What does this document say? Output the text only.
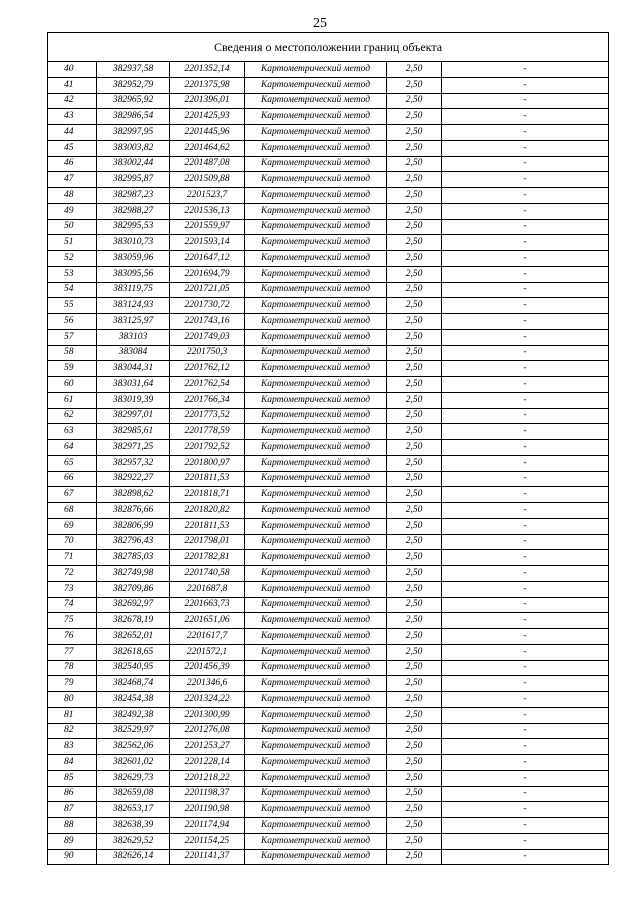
25
Сведения о местоположении границ объекта					
40	382937,58	2201352,14	Картометрический метод	2,50	-
41	382952,79	2201375,98	Картометрический метод	2,50	-
42	382965,92	2201396,01	Картометрический метод	2,50	-
43	382986,54	2201425,93	Картометрический метод	2,50	-
44	382997,95	2201445,96	Картометрический метод	2,50	-
45	383003,82	2201464,62	Картометрический метод	2,50	-
46	383002,44	2201487,08	Картометрический метод	2,50	-
47	382995,87	2201509,88	Картометрический метод	2,50	-
48	382987,23	2201523,7	Картометрический метод	2,50	-
49	382988,27	2201536,13	Картометрический метод	2,50	-
50	382995,53	2201559,97	Картометрический метод	2,50	-
51	383010,73	2201593,14	Картометрический метод	2,50	-
52	383059,96	2201647,12	Картометрический метод	2,50	-
53	383095,56	2201694,79	Картометрический метод	2,50	-
54	383119,75	2201721,05	Картометрический метод	2,50	-
55	383124,93	2201730,72	Картометрический метод	2,50	-
56	383125,97	2201743,16	Картометрический метод	2,50	-
57	383103	2201749,03	Картометрический метод	2,50	-
58	383084	2201750,3	Картометрический метод	2,50	-
59	383044,31	2201762,12	Картометрический метод	2,50	-
60	383031,64	2201762,54	Картометрический метод	2,50	-
61	383019,39	2201766,34	Картометрический метод	2,50	-
62	382997,01	2201773,52	Картометрический метод	2,50	-
63	382985,61	2201778,59	Картометрический метод	2,50	-
64	382971,25	2201792,52	Картометрический метод	2,50	-
65	382957,32	2201800,97	Картометрический метод	2,50	-
66	382922,27	2201811,53	Картометрический метод	2,50	-
67	382898,62	2201818,71	Картометрический метод	2,50	-
68	382876,66	2201820,82	Картометрический метод	2,50	-
69	382806,99	2201811,53	Картометрический метод	2,50	-
70	382796,43	2201798,01	Картометрический метод	2,50	-
71	382785,03	2201782,81	Картометрический метод	2,50	-
72	382749,98	2201740,58	Картометрический метод	2,50	-
73	382709,86	2201687,8	Картометрический метод	2,50	-
74	382692,97	2201663,73	Картометрический метод	2,50	-
75	382678,19	2201651,06	Картометрический метод	2,50	-
76	382652,01	2201617,7	Картометрический метод	2,50	-
77	382618,65	2201572,1	Картометрический метод	2,50	-
78	382540,95	2201456,39	Картометрический метод	2,50	-
79	382468,74	2201346,6	Картометрический метод	2,50	-
80	382454,38	2201324,22	Картометрический метод	2,50	-
81	382492,38	2201300,99	Картометрический метод	2,50	-
82	382529,97	2201276,08	Картометрический метод	2,50	-
83	382562,06	2201253,27	Картометрический метод	2,50	-
84	382601,02	2201228,14	Картометрический метод	2,50	-
85	382629,73	2201218,22	Картометрический метод	2,50	-
86	382659,08	2201198,37	Картометрический метод	2,50	-
87	382653,17	2201190,98	Картометрический метод	2,50	-
88	382638,39	2201174,94	Картометрический метод	2,50	-
89	382629,52	2201154,25	Картометрический метод	2,50	-
90	382626,14	2201141,37	Картометрический метод	2,50	-
